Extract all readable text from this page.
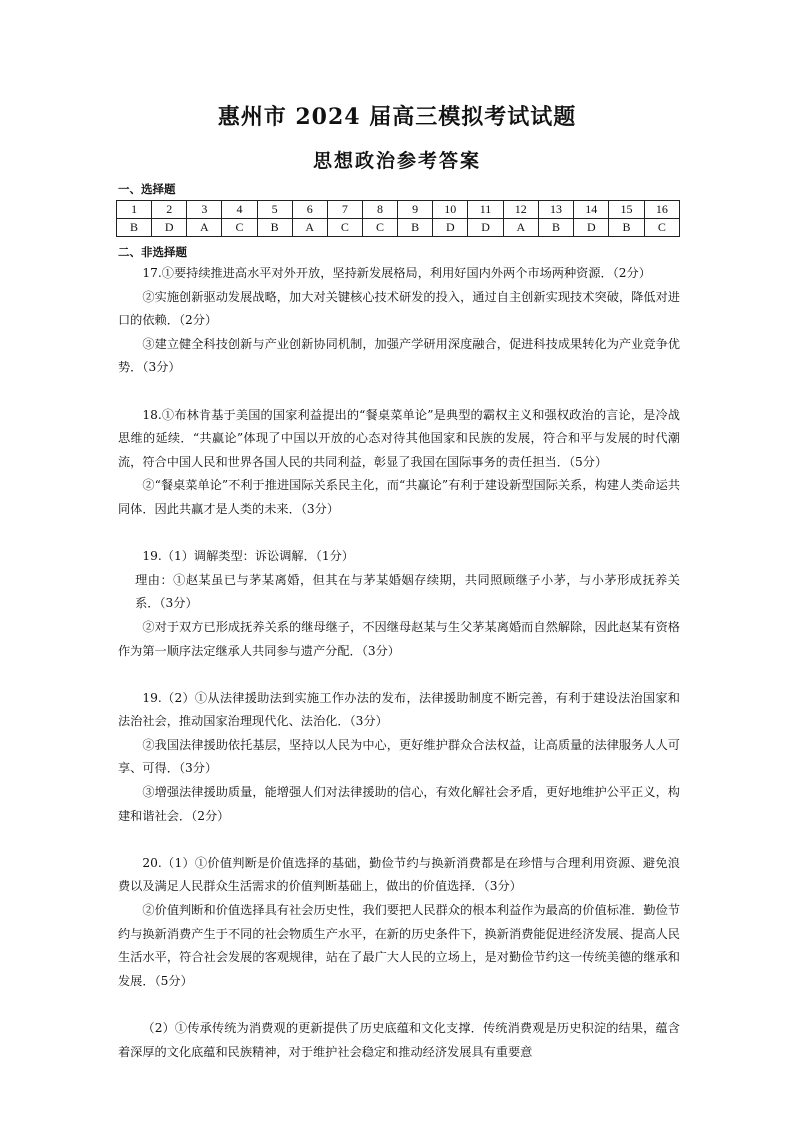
惠州市 2024 届高三模拟考试试题
思想政治参考答案
一、选择题
1	2	3	4	5	6	7	8	9	10	11	12	13	14	15	16
B	D	A	C	B	A	C	C	B	D	D	A	B	D	B	C
二、非选择题

17.①要持续推进高水平对外开放，坚持新发展格局，利用好国内外两个市场两种资源．（2分）

②实施创新驱动发展战略，加大对关键核心技术研发的投入，通过自主创新实现技术突破，降低对进口的依赖．（2分）

③建立健全科技创新与产业创新协同机制，加强产学研用深度融合，促进科技成果转化为产业竞争优势．（3分）

18.①布林肯基于美国的国家利益提出的“餐桌菜单论”是典型的霸权主义和强权政治的言论，是冷战思维的延续．“共赢论”体现了中国以开放的心态对待其他国家和民族的发展，符合和平与发展的时代潮流，符合中国人民和世界各国人民的共同利益，彰显了我国在国际事务的责任担当．（5分）

②“餐桌菜单论”不利于推进国际关系民主化，而“共赢论”有利于建设新型国际关系，构建人类命运共同体．因此共赢才是人类的未来．（3分）

19.（1）调解类型：诉讼调解．（1分）

理由：①赵某虽已与茅某离婚，但其在与茅某婚姻存续期，共同照顾继子小茅，与小茅形成抚养关系．（3分）

②对于双方已形成抚养关系的继母继子，不因继母赵某与生父茅某离婚而自然解除，因此赵某有资格作为第一顺序法定继承人共同参与遗产分配．（3分）

19.（2）①从法律援助法到实施工作办法的发布，法律援助制度不断完善，有利于建设法治国家和法治社会，推动国家治理现代化、法治化．（3分）

②我国法律援助依托基层，坚持以人民为中心，更好维护群众合法权益，让高质量的法律服务人人可享、可得．（3分）

③增强法律援助质量，能增强人们对法律援助的信心，有效化解社会矛盾，更好地维护公平正义，构建和谐社会．（2分）

20.（1）①价值判断是价值选择的基础，勤俭节约与换新消费都是在珍惜与合理利用资源、避免浪费以及满足人民群众生活需求的价值判断基础上，做出的价值选择．（3分）

②价值判断和价值选择具有社会历史性，我们要把人民群众的根本利益作为最高的价值标准．勤俭节约与换新消费产生于不同的社会物质生产水平，在新的历史条件下，换新消费能促进经济发展、提高人民生活水平，符合社会发展的客观规律，站在了最广大人民的立场上，是对勤俭节约这一传统美德的继承和发展．（5分）

（2）①传承传统为消费观的更新提供了历史底蕴和文化支撑．传统消费观是历史积淀的结果，蕴含着深厚的文化底蕴和民族精神，对于维护社会稳定和推动经济发展具有重要意
